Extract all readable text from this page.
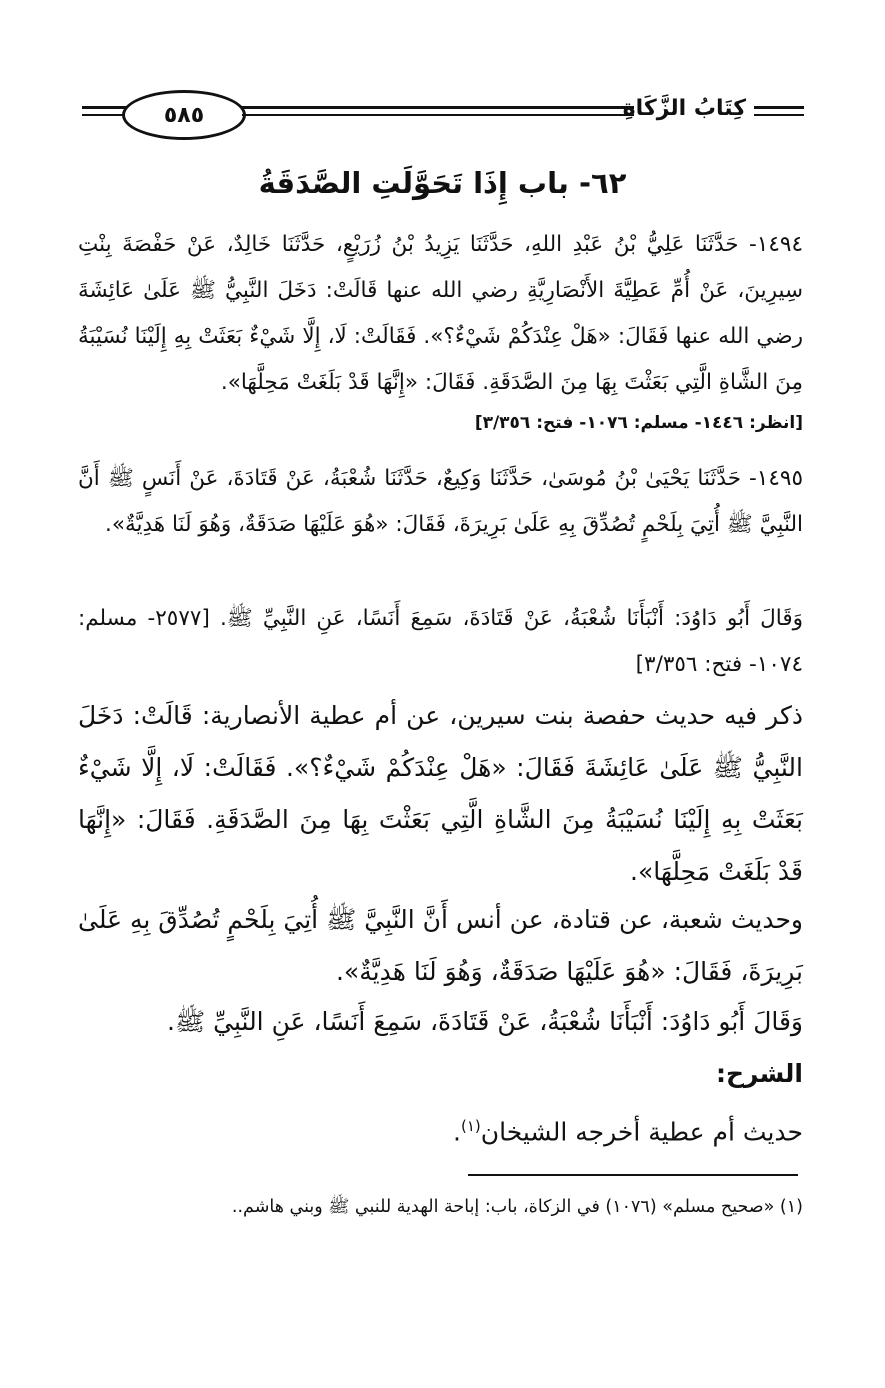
٥٨٥	كِتَابُ الزَّكَاةِ
٦٢- باب إِذَا تَحَوَّلَتِ الصَّدَقَةُ

١٤٩٤- حَدَّثَنَا عَلِيُّ بْنُ عَبْدِ اللهِ، حَدَّثَنَا يَزِيدُ بْنُ زُرَيْعٍ، حَدَّثَنَا خَالِدٌ، عَنْ حَفْصَةَ بِنْتِ سِيرِينَ، عَنْ أُمِّ عَطِيَّةَ الأَنْصَارِيَّةِ رضي الله عنها قَالَتْ: دَخَلَ النَّبِيُّ ﷺ عَلَىٰ عَائِشَةَ رضي الله عنها فَقَالَ: «هَلْ عِنْدَكُمْ شَيْءٌ؟». فَقَالَتْ: لَا، إِلَّا شَيْءٌ بَعَثَتْ بِهِ إِلَيْنَا نُسَيْبَةُ مِنَ الشَّاةِ الَّتِي بَعَثْتَ بِهَا مِنَ الصَّدَقَةِ. فَقَالَ: «إِنَّهَا قَدْ بَلَغَتْ مَحِلَّهَا».

[انظر: ١٤٤٦- مسلم: ١٠٧٦- فتح: ٣/٣٥٦]

١٤٩٥- حَدَّثَنَا يَحْيَىٰ بْنُ مُوسَىٰ، حَدَّثَنَا وَكِيعٌ، حَدَّثَنَا شُعْبَةُ، عَنْ قَتَادَةَ، عَنْ أَنَسٍ ﷺ أَنَّ النَّبِيَّ ﷺ أُتِيَ بِلَحْمٍ تُصُدِّقَ بِهِ عَلَىٰ بَرِيرَةَ، فَقَالَ: «هُوَ عَلَيْهَا صَدَقَةٌ، وَهُوَ لَنَا هَدِيَّةٌ».

وَقَالَ أَبُو دَاوُدَ: أَنْبَأَنَا شُعْبَةُ، عَنْ قَتَادَةَ، سَمِعَ أَنَسًا، عَنِ النَّبِيِّ ﷺ. [٢٥٧٧- مسلم: ١٠٧٤- فتح: ٣/٣٥٦]

ذكر فيه حديث حفصة بنت سيرين، عن أم عطية الأنصارية: قَالَتْ: دَخَلَ النَّبِيُّ ﷺ عَلَىٰ عَائِشَةَ فَقَالَ: «هَلْ عِنْدَكُمْ شَيْءٌ؟». فَقَالَتْ: لَا، إِلَّا شَيْءٌ بَعَثَتْ بِهِ إِلَيْنَا نُسَيْبَةُ مِنَ الشَّاةِ الَّتِي بَعَثْتَ بِهَا مِنَ الصَّدَقَةِ. فَقَالَ: «إِنَّهَا قَدْ بَلَغَتْ مَحِلَّهَا».

وحديث شعبة، عن قتادة، عن أنس أَنَّ النَّبِيَّ ﷺ أُتِيَ بِلَحْمٍ تُصُدِّقَ بِهِ عَلَىٰ بَرِيرَةَ، فَقَالَ: «هُوَ عَلَيْهَا صَدَقَةٌ، وَهُوَ لَنَا هَدِيَّةٌ».

وَقَالَ أَبُو دَاوُدَ: أَنْبَأَنَا شُعْبَةُ، عَنْ قَتَادَةَ، سَمِعَ أَنَسًا، عَنِ النَّبِيِّ ﷺ.

الشرح:

حديث أم عطية أخرجه الشيخان$^{(١)}$.

(١) «صحيح مسلم» (١٠٧٦) في الزكاة، باب: إباحة الهدية للنبي ﷺ وبني هاشم..
